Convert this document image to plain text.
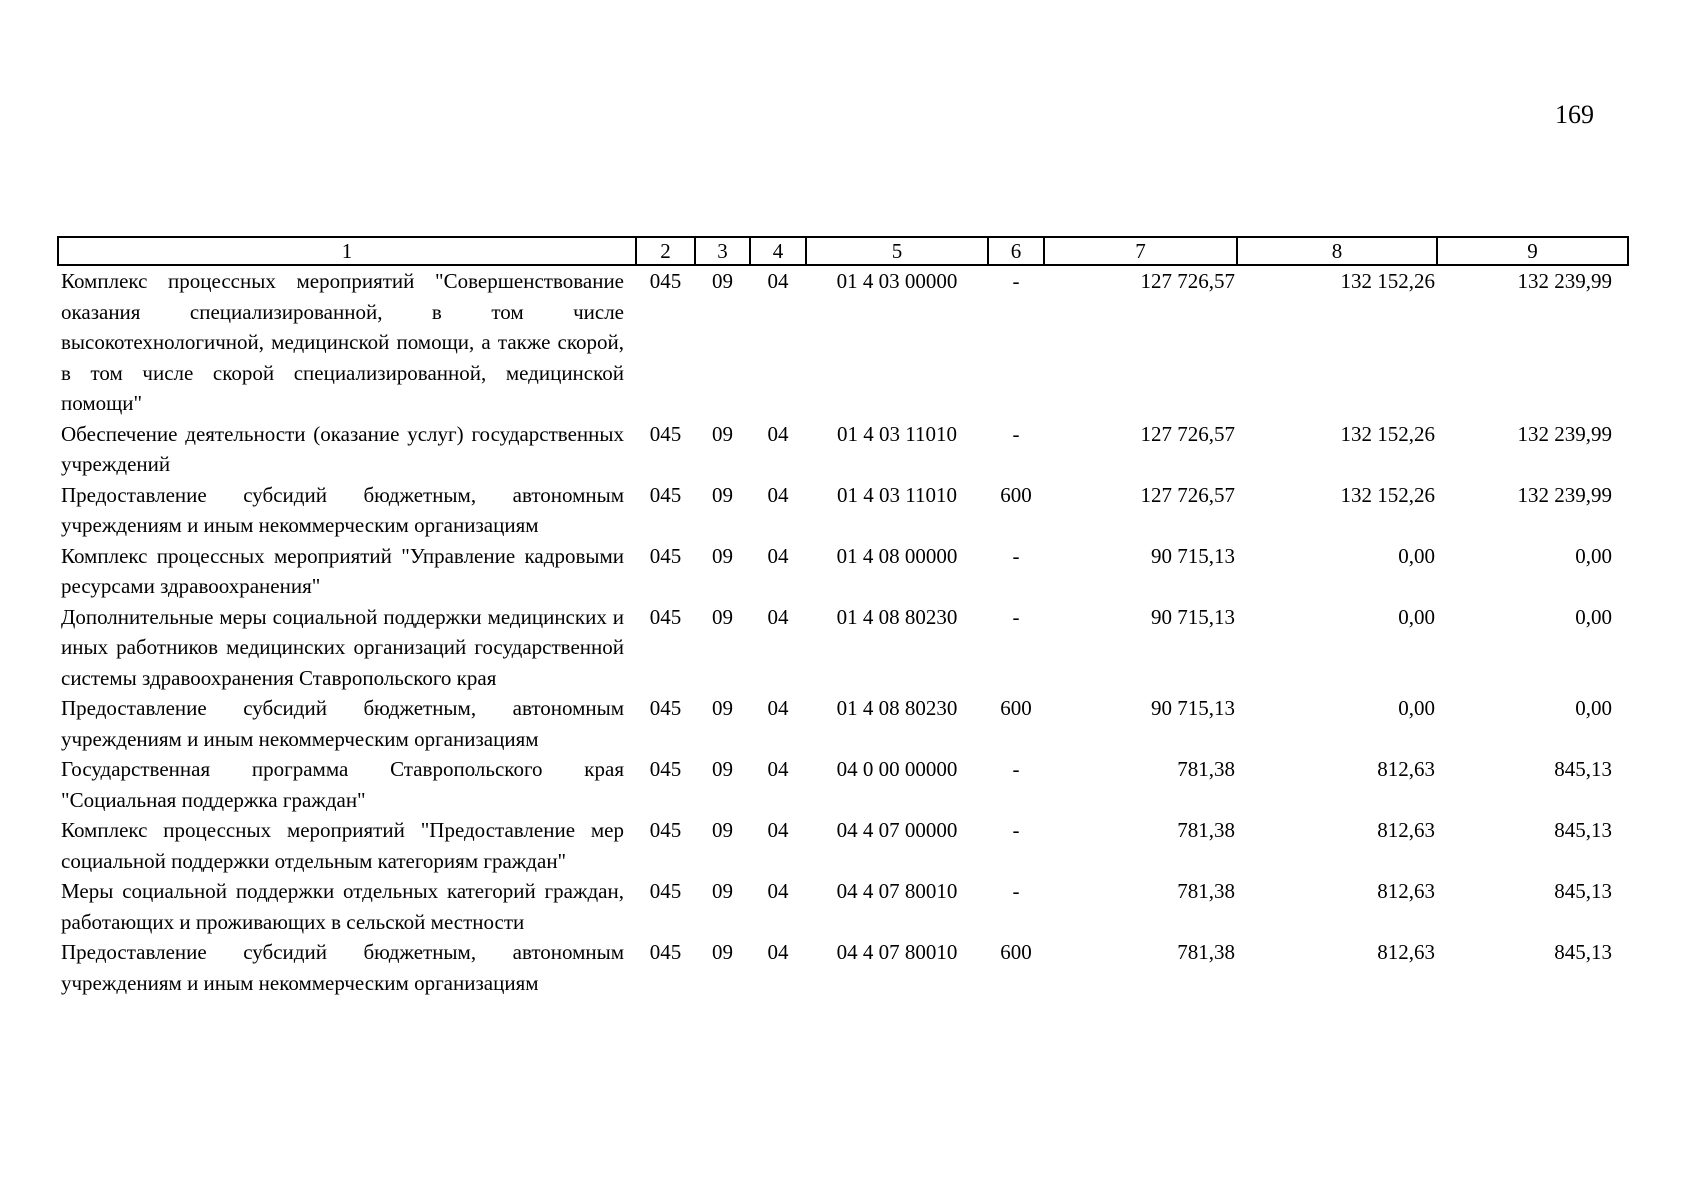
169
1	2	3	4	5	6	7	8	9
Комплекс процессных мероприятий "Совершенствование оказания специализированной, в том числе высокотехнологичной, медицинской помощи, а также скорой, в том числе скорой специализированной, медицинской помощи"	045	09	04	01 4 03 00000	-	127 726,57	132 152,26	132 239,99
Обеспечение деятельности (оказание услуг) государственных учреждений	045	09	04	01 4 03 11010	-	127 726,57	132 152,26	132 239,99
Предоставление субсидий бюджетным, автономным учреждениям и иным некоммерческим организациям	045	09	04	01 4 03 11010	600	127 726,57	132 152,26	132 239,99
Комплекс процессных мероприятий "Управление кадровыми ресурсами здравоохранения"	045	09	04	01 4 08 00000	-	90 715,13	0,00	0,00
Дополнительные меры социальной поддержки медицинских и иных работников медицинских организаций государственной системы здравоохранения Ставропольского края	045	09	04	01 4 08 80230	-	90 715,13	0,00	0,00
Предоставление субсидий бюджетным, автономным учреждениям и иным некоммерческим организациям	045	09	04	01 4 08 80230	600	90 715,13	0,00	0,00
Государственная программа Ставропольского края "Социальная поддержка граждан"	045	09	04	04 0 00 00000	-	781,38	812,63	845,13
Комплекс процессных мероприятий "Предоставление мер социальной поддержки отдельным категориям граждан"	045	09	04	04 4 07 00000	-	781,38	812,63	845,13
Меры социальной поддержки отдельных категорий граждан, работающих и проживающих в сельской местности	045	09	04	04 4 07 80010	-	781,38	812,63	845,13
Предоставление субсидий бюджетным, автономным учреждениям и иным некоммерческим организациям	045	09	04	04 4 07 80010	600	781,38	812,63	845,13
